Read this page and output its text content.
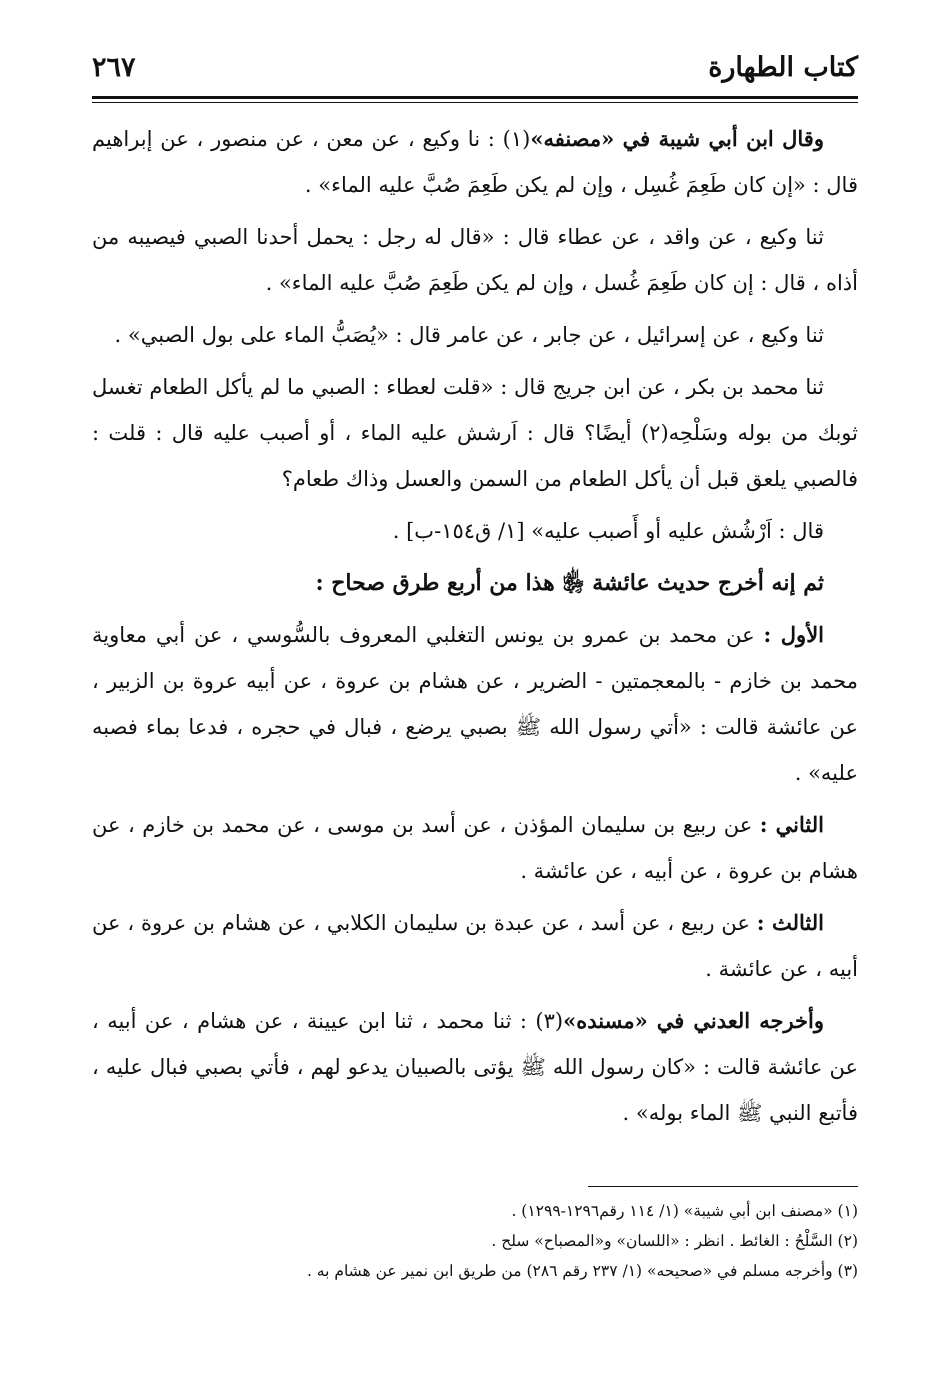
كتاب الطهارة
٢٦٧

وقال ابن أبي شيبة في «مصنفه»(١) : نا وكيع ، عن معن ، عن منصور ، عن إبراهيم قال : «إن كان طَعِمَ غُسِل ، وإن لم يكن طَعِمَ صُبَّ عليه الماء» .

ثنا وكيع ، عن واقد ، عن عطاء قال : «قال له رجل : يحمل أحدنا الصبي فيصيبه من أذاه ، قال : إن كان طَعِمَ غُسل ، وإن لم يكن طَعِمَ صُبَّ عليه الماء» .

ثنا وكيع ، عن إسرائيل ، عن جابر ، عن عامر قال : «يُصَبُّ الماء على بول الصبي» .

ثنا محمد بن بكر ، عن ابن جريج قال : «قلت لعطاء : الصبي ما لم يأكل الطعام تغسل ثوبك من بوله وسَلْحِه(٢) أيضًا؟ قال : اَرشش عليه الماء ، أو أصبب عليه قال : قلت : فالصبي يلعق قبل أن يأكل الطعام من السمن والعسل وذاك طعام؟

قال : اَرْشُش عليه أو أَصبب عليه» [١/ ق١٥٤-ب] .

ثم إنه أخرج حديث عائشة ﵂ هذا من أربع طرق صحاح :

الأول : عن محمد بن عمرو بن يونس التغلبي المعروف بالسُّوسي ، عن أبي معاوية محمد بن خازم - بالمعجمتين - الضرير ، عن هشام بن عروة ، عن أبيه عروة بن الزبير ، عن عائشة قالت : «أتي رسول الله ﷺ بصبي يرضع ، فبال في حجره ، فدعا بماء فصبه عليه» .

الثاني : عن ربيع بن سليمان المؤذن ، عن أسد بن موسى ، عن محمد بن خازم ، عن هشام بن عروة ، عن أبيه ، عن عائشة .

الثالث : عن ربيع ، عن أسد ، عن عبدة بن سليمان الكلابي ، عن هشام بن عروة ، عن أبيه ، عن عائشة .

وأخرجه العدني في «مسنده»(٣) : ثنا محمد ، ثنا ابن عيينة ، عن هشام ، عن أبيه ، عن عائشة قالت : «كان رسول الله ﷺ يؤتى بالصبيان يدعو لهم ، فأتي بصبي فبال عليه ، فأتبع النبي ﷺ الماء بوله» .

(١) «مصنف ابن أبي شيبة» (١/ ١١٤ رقم١٢٩٦-١٢٩٩) .
(٢) السَّلْحُ : الغائط . انظر : «اللسان» و«المصباح» سلح .
(٣) وأخرجه مسلم في «صحيحه» (١/ ٢٣٧ رقم ٢٨٦) من طريق ابن نمير عن هشام به .
